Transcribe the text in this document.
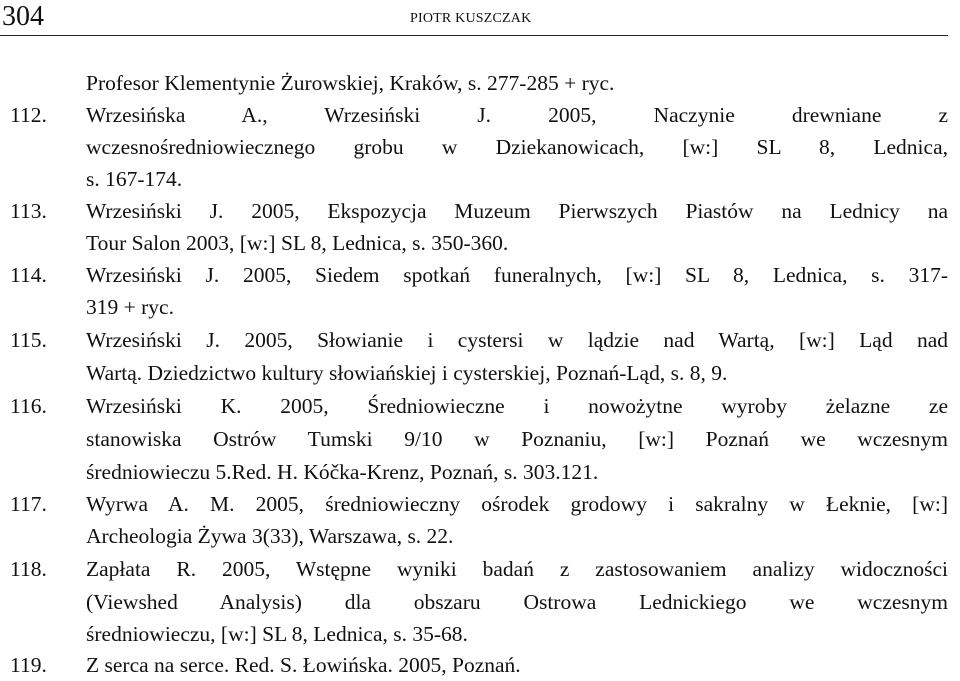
304	PIOTR KUSZCZAK
Profesor Klementynie Żurowskiej, Kraków, s. 277-285 + ryc.
112. Wrzesińska A., Wrzesiński J. 2005, Naczynie drewniane z
wczesnośredniowiecznego grobu w Dziekanowicach, [w:] SL 8, Lednica,
s. 167-174.
113. Wrzesiński J. 2005, Ekspozycja Muzeum Pierwszych Piastów na Lednicy na
Tour Salon 2003, [w:] SL 8, Lednica, s. 350-360.
114. Wrzesiński J. 2005, Siedem spotkań funeralnych, [w:] SL 8, Lednica, s. 317-
319 + ryc.
115. Wrzesiński J. 2005, Słowianie i cystersi w lądzie nad Wartą, [w:] Ląd nad
Wartą. Dziedzictwo kultury słowiańskiej i cysterskiej, Poznań-Ląd, s. 8, 9.
116. Wrzesiński K. 2005, Średniowieczne i nowożytne wyroby żelazne ze
stanowiska Ostrów Tumski 9/10 w Poznaniu, [w:] Poznań we wczesnym
średniowieczu 5.Red. H. Kóčka-Krenz, Poznań, s. 303.121.
117. Wyrwa A. M. 2005, średniowieczny ośrodek grodowy i sakralny w Łeknie, [w:]
Archeologia Żywa 3(33), Warszawa, s. 22.
118. Zapłata R. 2005, Wstępne wyniki badań z zastosowaniem analizy widoczności
(Viewshed Analysis) dla obszaru Ostrowa Lednickiego we wczesnym
średniowieczu, [w:] SL 8, Lednica, s. 35-68.
119. Z serca na serce. Red. S. Łowińska. 2005, Poznań.
